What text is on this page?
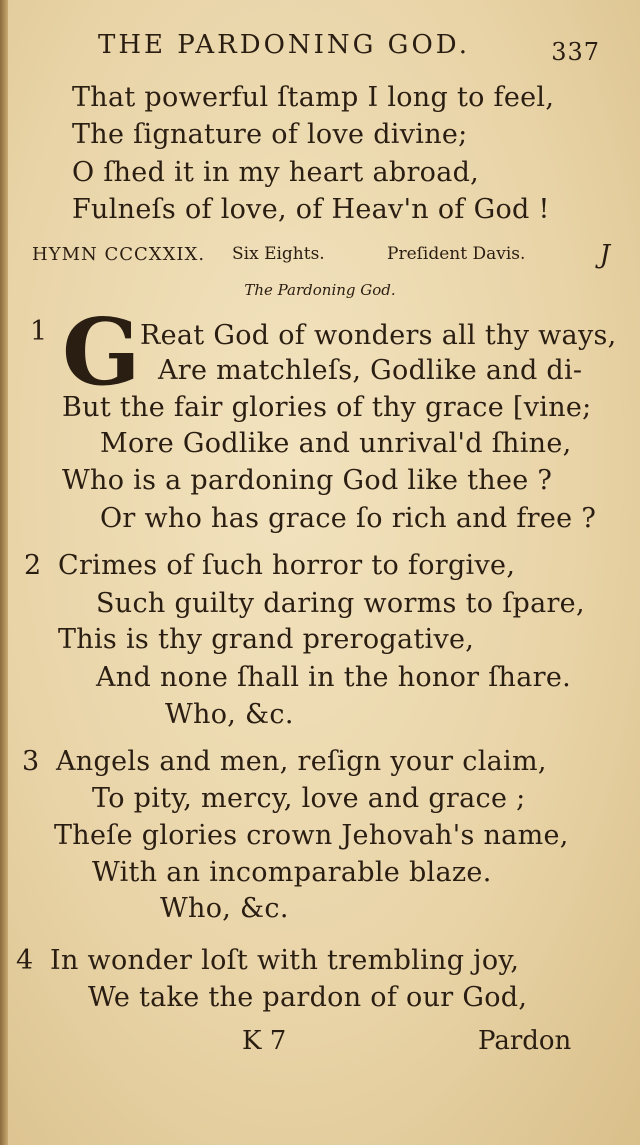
THE PARDONING GOD.	337
That powerful ſtamp I long to feel,
The ſignature of love divine;
O ſhed it in my heart abroad,
Fulneſs of love, of Heav'n of God !
HYMN CCCXXIX. Six Eights.	Preſident Davis.	J
The Pardoning God.
1 G Reat God of wonders all thy ways,
Are matchleſs, Godlike and di-
But the fair glories of thy grace [vine;
More Godlike and unrival'd ſhine,
Who is a pardoning God like thee ?
Or who has grace ſo rich and free ?
2 Crimes of ſuch horror to forgive,
Such guilty daring worms to ſpare,
This is thy grand prerogative,
And none ſhall in the honor ſhare.
Who, &c.
3 Angels and men, reſign your claim,
To pity, mercy, love and grace ;
Theſe glories crown Jehovah's name,
With an incomparable blaze.
Who, &c.
4 In wonder loſt with trembling joy,
We take the pardon of our God,
K 7	Pardon
